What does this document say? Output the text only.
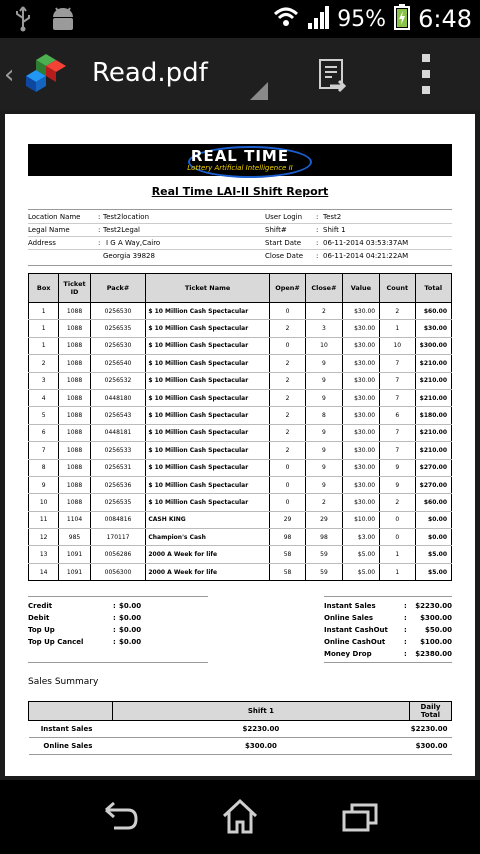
95% 6:48
‹	Read.pdf
REAL TIME
Lottery Artificial Intelligence II
Real Time LAI-II Shift Report
Location Name	: Test2location	User Login : Test2
Legal Name	: Test2Legal	Shift#	: Shift 1
Address	: I G A Way,Cairo	Start Date : 06-11-2014 03:53:37AM
Georgia 39828	Close Date : 06-11-2014 04:21:22AM
Box	Ticket ID	Pack#	Ticket Name	Open#	Close#	Value	Count	Total
1	1088	0256530	$ 10 Million Cash Spectacular	0	2	$30.00	2	$60.00
1	1088	0256535	$ 10 Million Cash Spectacular	2	3	$30.00	1	$30.00
1	1088	0256530	$ 10 Million Cash Spectacular	0	10	$30.00	10	$300.00
2	1088	0256540	$ 10 Million Cash Spectacular	2	9	$30.00	7	$210.00
3	1088	0256532	$ 10 Million Cash Spectacular	2	9	$30.00	7	$210.00
4	1088	0448180	$ 10 Million Cash Spectacular	2	9	$30.00	7	$210.00
5	1088	0256543	$ 10 Million Cash Spectacular	2	8	$30.00	6	$180.00
6	1088	0448181	$ 10 Million Cash Spectacular	2	9	$30.00	7	$210.00
7	1088	0256533	$ 10 Million Cash Spectacular	2	9	$30.00	7	$210.00
8	1088	0256531	$ 10 Million Cash Spectacular	0	9	$30.00	9	$270.00
9	1088	0256536	$ 10 Million Cash Spectacular	0	9	$30.00	9	$270.00
10	1088	0256535	$ 10 Million Cash Spectacular	0	2	$30.00	2	$60.00
11	1104	0084816	CASH KING	29	29	$10.00	0	$0.00
12	985	170117	Champion's Cash	98	98	$3.00	0	$0.00
13	1091	0056286	2000 A Week for life	58	59	$5.00	1	$5.00
14	1091	0056300	2000 A Week for life	58	59	$5.00	1	$5.00
Credit	: $0.00
Debit	: $0.00
Top Up	: $0.00
Top Up Cancel	: $0.00
Instant Sales	: $2230.00
Online Sales	: $300.00
Instant CashOut :	$50.00
Online CashOut	: $100.00
Money Drop	: $2380.00
Sales Summary
	Shift 1	Daily Total
Instant Sales	$2230.00	$2230.00
Online Sales	$300.00	$300.00
